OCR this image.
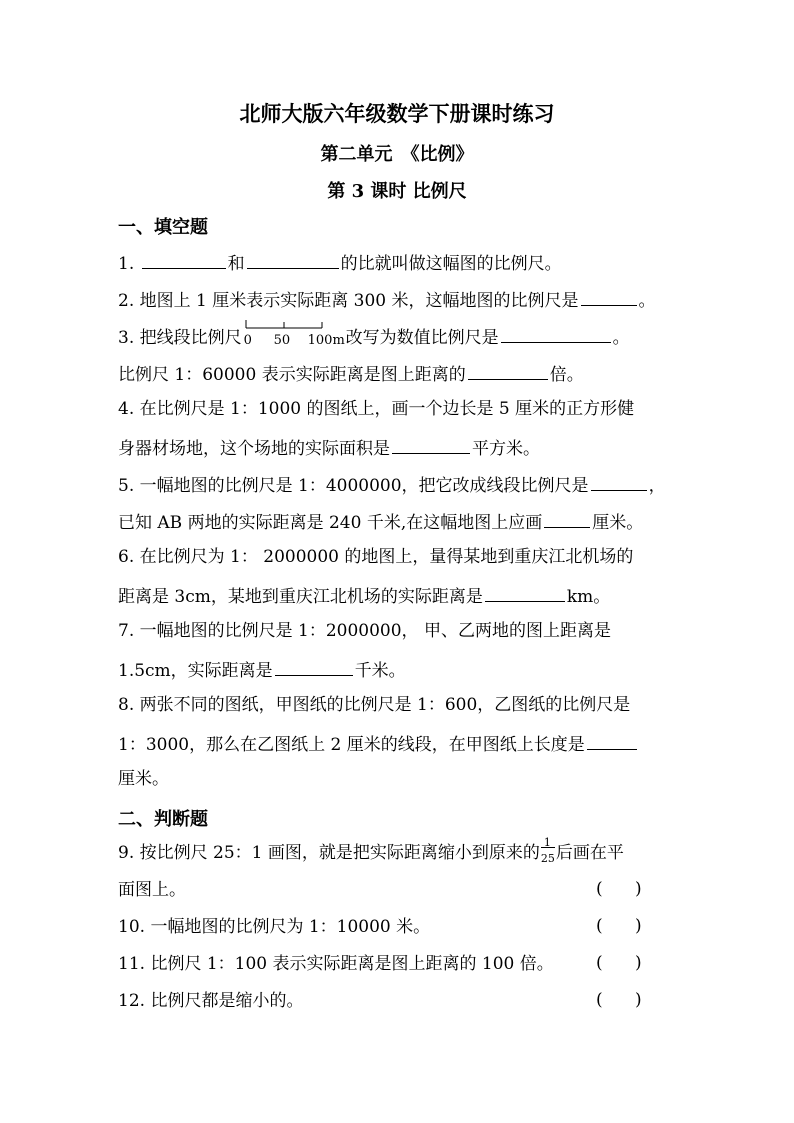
北师大版六年级数学下册课时练习
第二单元　《比例》
第 3 课时 比例尺
一、填空题
1.	和	的比就叫做这幅图的比例尺。
2. 地图上 1 厘米表示实际距离 300 米，这幅地图的比例尺是	。
3. 把线段比例尺 0 50 100m 改写为数值比例尺是	。
比例尺 1：60000 表示实际距离是图上距离的	倍。
4. 在比例尺是 1：1000 的图纸上，画一个边长是 5 厘米的正方形健
身器材场地，这个场地的实际面积是	平方米。
5. 一幅地图的比例尺是 1：4000000，把它改成线段比例尺是	，
已知 AB 两地的实际距离是 240 千米,在这幅地图上应画	厘米。
6. 在比例尺为 1： 2000000 的地图上，量得某地到重庆江北机场的
距离是 3cm，某地到重庆江北机场的实际距离是	km。
7. 一幅地图的比例尺是 1：2000000， 甲、乙两地的图上距离是
1.5cm，实际距离是	千米。
8. 两张不同的图纸，甲图纸的比例尺是 1：600，乙图纸的比例尺是
1：3000，那么在乙图纸上 2 厘米的线段，在甲图纸上长度是
厘米。
二、判断题
9. 按比例尺 25：1 画图，就是把实际距离缩小到原来的
1
25 后画在平
面图上。	(      )
10. 一幅地图的比例尺为 1：10000 米。	(      )
11. 比例尺 1：100 表示实际距离是图上距离的 100 倍。 (      )
12. 比例尺都是缩小的。	(      )
